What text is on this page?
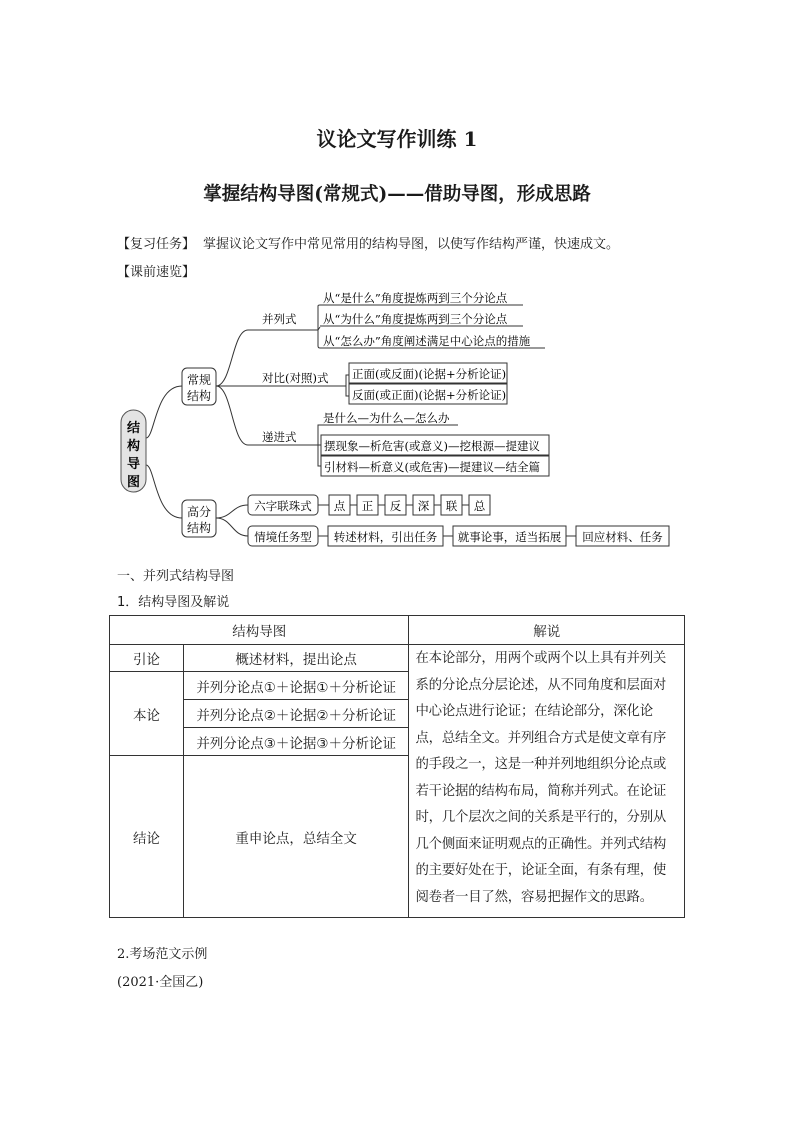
议论文写作训练 1
掌握结构导图(常规式)——借助导图，形成思路
【复习任务】 掌握议论文写作中常见常用的结构导图，以使写作结构严谨，快速成文。
【课前速览】
结
构
导
图
常规
结构
高分
结构
并列式
对比(对照)式
递进式
从“是什么”角度提炼两到三个分论点
从“为什么”角度提炼两到三个分论点
从“怎么办”角度阐述满足中心论点的措施
正面(或反面)(论据+分析论证)
反面(或正面)(论据+分析论证)
是什么—为什么—怎么办
摆现象—析危害(或意义)—挖根源—提建议
引材料—析意义(或危害)—提建议—结全篇
六字联珠式 点 正 反 深 联 总
情境任务型 转述材料，引出任务 就事论事，适当拓展 回应材料、任务
一、并列式结构导图
1．结构导图及解说
结构导图		解说
引论	概述材料，提出论点	在本论部分，用两个或两个以上具有并列关系的分论点分层论述，从不同角度和层面对中心论点进行论证；在结论部分，深化论点，总结全文。并列组合方式是使文章有序的手段之一，这是一种并列地组织分论点或若干论据的结构布局，简称并列式。在论证时，几个层次之间的关系是平行的，分别从几个侧面来证明观点的正确性。并列式结构的主要好处在于，论证全面，有条有理，使阅卷者一目了然，容易把握作文的思路。
本论	并列分论点①＋论据①＋分析论证	
	并列分论点②＋论据②＋分析论证	
	并列分论点③＋论据③＋分析论证	
结论	重申论点，总结全文	
2.考场范文示例
(2021·全国乙)
